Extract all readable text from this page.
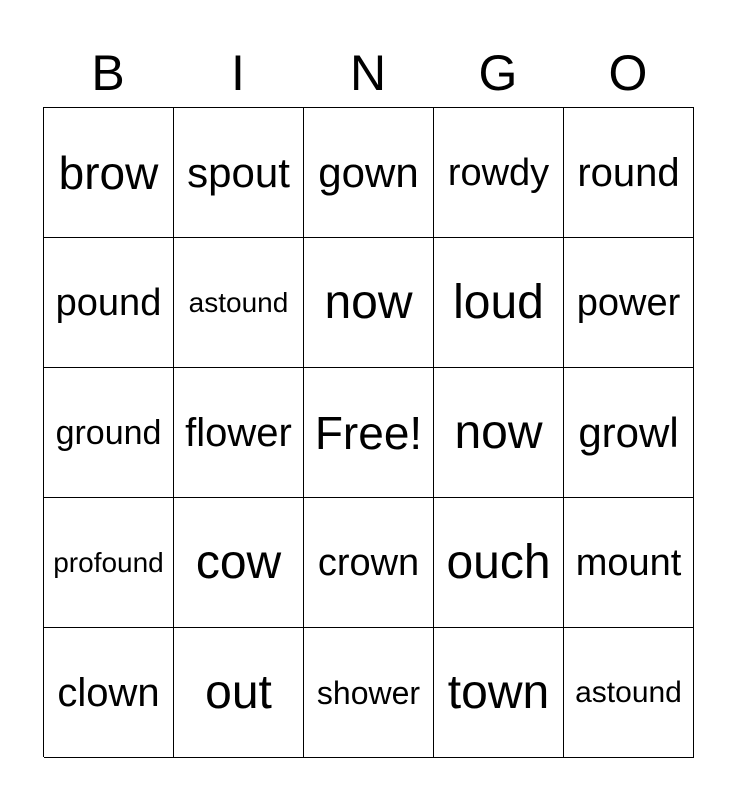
B	I	N	G	O
brow spout gown rowdy round
pound astound now loud power
ground flower Free! now growl
profound cow crown ouch mount
clown out	shower town astound
